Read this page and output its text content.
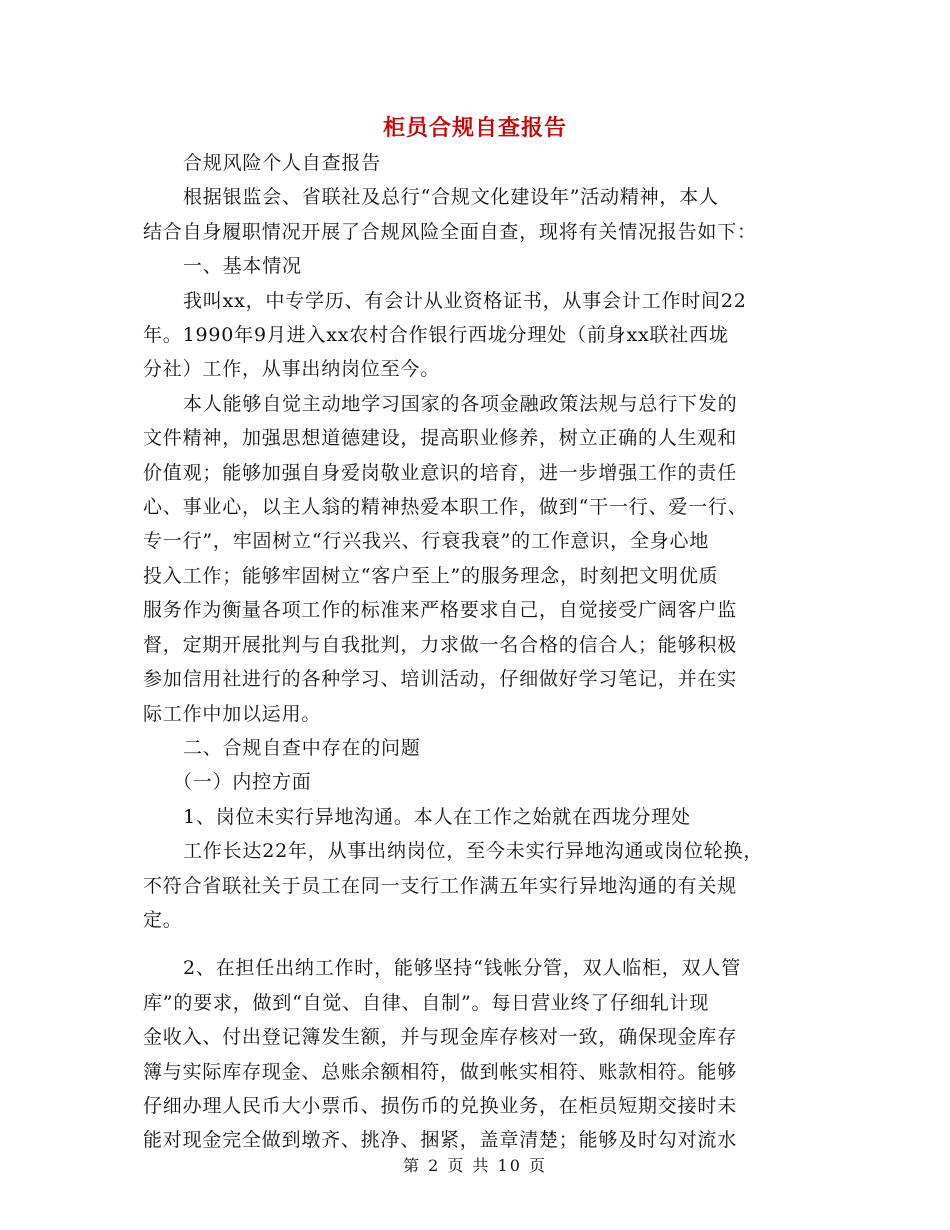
柜员合规自查报告
合规风险个人自查报告
根据银监会、省联社及总行“合规文化建设年”活动精神，本人
结合自身履职情况开展了合规风险全面自查，现将有关情况报告如下：
一、基本情况
我叫xx，中专学历、有会计从业资格证书，从事会计工作时间22
年。1990年9月进入xx农村合作银行西垅分理处（前身xx联社西垅
分社）工作，从事出纳岗位至今。
本人能够自觉主动地学习国家的各项金融政策法规与总行下发的
文件精神，加强思想道德建设，提高职业修养，树立正确的人生观和
价值观；能够加强自身爱岗敬业意识的培育，进一步增强工作的责任
心、事业心，以主人翁的精神热爱本职工作，做到“干一行、爱一行、
专一行”，牢固树立“行兴我兴、行衰我衰”的工作意识，全身心地
投入工作；能够牢固树立“客户至上”的服务理念，时刻把文明优质
服务作为衡量各项工作的标准来严格要求自己，自觉接受广阔客户监
督，定期开展批判与自我批判，力求做一名合格的信合人；能够积极
参加信用社进行的各种学习、培训活动，仔细做好学习笔记，并在实
际工作中加以运用。
二、合规自查中存在的问题
（一）内控方面
1、岗位未实行异地沟通。本人在工作之始就在西垅分理处
工作长达22年，从事出纳岗位，至今未实行异地沟通或岗位轮换，
不符合省联社关于员工在同一支行工作满五年实行异地沟通的有关规
定。
2、在担任出纳工作时，能够坚持“钱帐分管，双人临柜，双人管
库”的要求，做到“自觉、自律、自制”。每日营业终了仔细轧计现
金收入、付出登记簿发生额，并与现金库存核对一致，确保现金库存
簿与实际库存现金、总账余额相符，做到帐实相符、账款相符。能够
仔细办理人民币大小票币、损伤币的兑换业务，在柜员短期交接时未
能对现金完全做到墩齐、挑净、捆紧，盖章清楚；能够及时勾对流水
第 2 页 共 10 页
